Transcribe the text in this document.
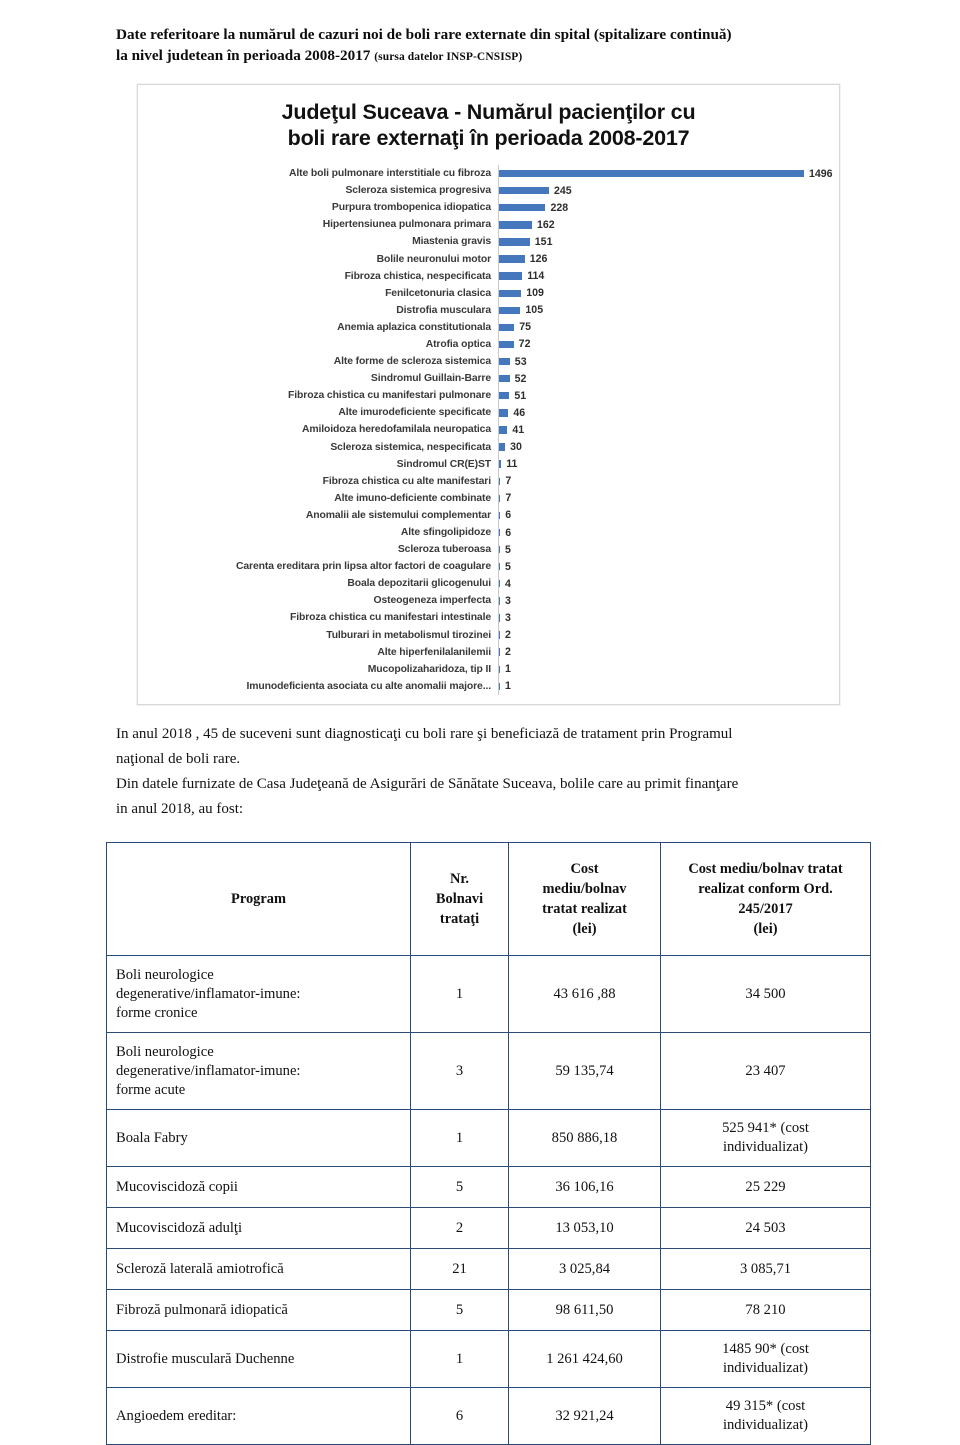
Date referitoare la numărul de cazuri noi de boli rare externate din spital (spitalizare continuă)
la nivel judetean în perioada 2008-2017 (sursa datelor INSP-CNSISP)
Judeţul Suceava - Numărul pacienţilor cu
boli rare externaţi în perioada 2008-2017
Alte boli pulmonare interstitiale cu fibroza	1496
Scleroza sistemica progresiva	245
Purpura trombopenica idiopatica	228
Hipertensiunea pulmonara primara	162
Miastenia gravis	151
Bolile neuronului motor	126
Fibroza chistica, nespecificata	114
Fenilcetonuria clasica	109
Distrofia musculara	105
Anemia aplazica constitutionala	75
Atrofia optica	72
Alte forme de scleroza sistemica	53
Sindromul Guillain-Barre	52
Fibroza chistica cu manifestari pulmonare	51
Alte imurodeficiente specificate	46
Amiloidoza heredofamilala neuropatica	41
Scleroza sistemica, nespecificata	30
Sindromul CR(E)ST	11
Fibroza chistica cu alte manifestari	7
Alte imuno-deficiente combinate	7
Anomalii ale sistemului complementar	6
Alte sfingolipidoze	6
Scleroza tuberoasa	5
Carenta ereditara prin lipsa altor factori de coagulare	5
Boala depozitarii glicogenului	4
Osteogeneza imperfecta	3
Fibroza chistica cu manifestari intestinale	3
Tulburari in metabolismul tirozinei	2
Alte hiperfenilalanilemii	2
Mucopolizaharidoza, tip II	1
Imunodeficienta asociata cu alte anomalii majore...	1
In anul 2018 , 45 de suceveni sunt diagnosticaţi cu boli rare şi beneficiază de tratament prin Programul
naţional de boli rare.
Din datele furnizate de Casa Judeţeană de Asigurări de Sănătate Suceava, bolile care au primit finanţare
in anul 2018, au fost:
Program	Nr.
Bolnavi
trataţi	Cost
mediu/bolnav
tratat realizat
(lei)	Cost mediu/bolnav tratat
realizat conform Ord.
245/2017
(lei)
Boli neurologice
degenerative/inflamator-imune:
forme cronice	1	43 616 ,88	34 500
Boli neurologice
degenerative/inflamator-imune:
forme acute	3	59 135,74	23 407
Boala Fabry	1	850 886,18	525 941* (cost
individualizat)
Mucoviscidoză copii	5	36 106,16	25 229
Mucoviscidoză adulţi	2	13 053,10	24 503
Scleroză laterală amiotrofică	21	3 025,84	3 085,71
Fibroză pulmonară idiopatică	5	98 611,50	78 210
Distrofie musculară Duchenne	1	1 261 424,60	1485 90* (cost
individualizat)
Angioedem ereditar:	6	32 921,24	49 315* (cost
individualizat)
